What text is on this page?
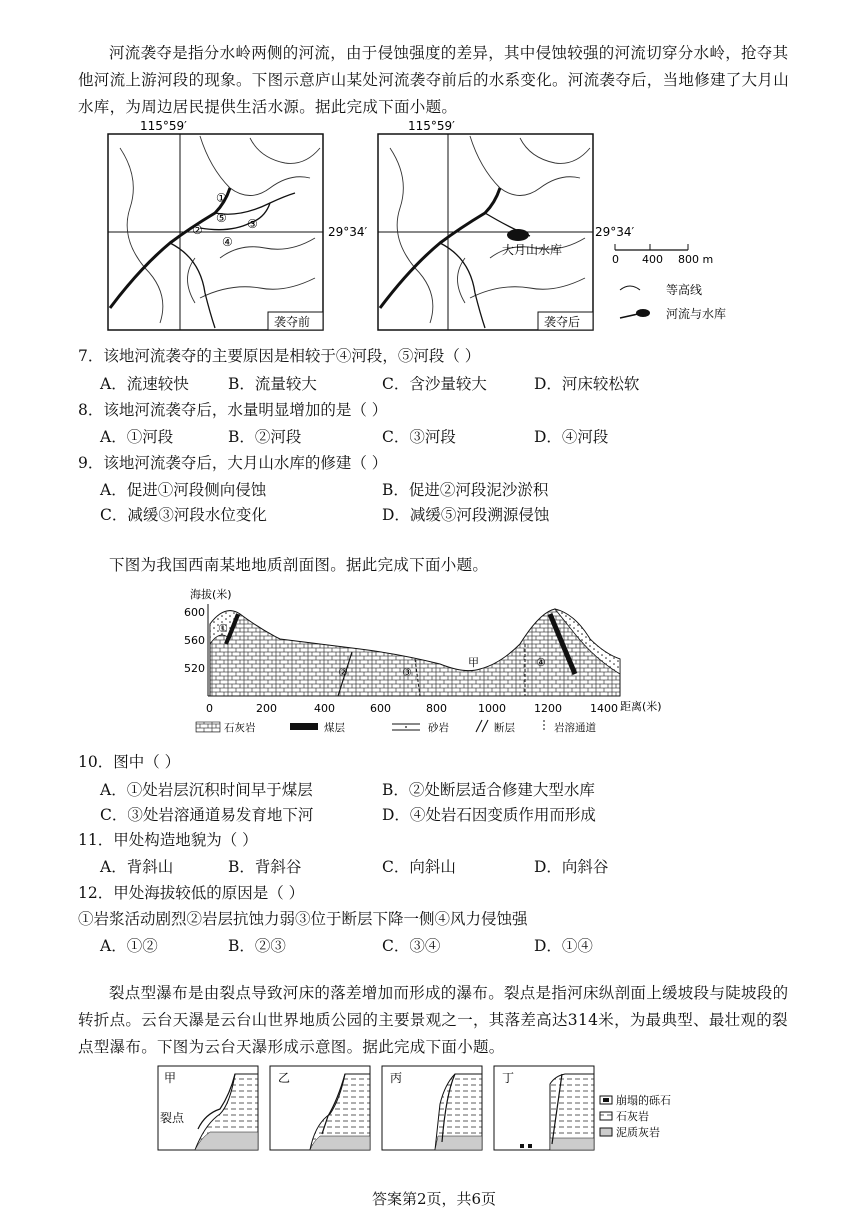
河流袭夺是指分水岭两侧的河流，由于侵蚀强度的差异，其中侵蚀较强的河流切穿分水岭，抢夺其他河流上游河段的现象。下图示意庐山某处河流袭夺前后的水系变化。河流袭夺后，当地修建了大月山水库，为周边居民提供生活水源。据此完成下面小题。
115°59′
①
⑤ ③
②
④
袭夺前
29°34′
115°59′
大月山水库
袭夺后
29°34′
0 400 800 m
等高线
河流与水库
7．该地河流袭夺的主要原因是相较于④河段，⑤河段（ ）
A．流速较快	B．流量较大	C．含沙量较大	D．河床较松软
8．该地河流袭夺后，水量明显增加的是（ ）
A．①河段	B．②河段	C．③河段	D．④河段
9．该地河流袭夺后，大月山水库的修建（ ）
A．促进①河段侧向侵蚀	B．促进②河段泥沙淤积
C．减缓③河段水位变化	D．减缓⑤河段溯源侵蚀
下图为我国西南某地地质剖面图。据此完成下面小题。
海拔(米)
600
560
520
0	200	400	600	800	1000	1200	1400 距离(米)
①
②	③
④
甲
石灰岩	煤层	砂岩	断层	岩溶通道
10．图中（ ）
A．①处岩层沉积时间早于煤层	B．②处断层适合修建大型水库
C．③处岩溶通道易发育地下河	D．④处岩石因变质作用而形成
11．甲处构造地貌为（ ）
A．背斜山	B．背斜谷	C．向斜山	D．向斜谷
12．甲处海拔较低的原因是（ ）
①岩浆活动剧烈②岩层抗蚀力弱③位于断层下降一侧④风力侵蚀强
A．①②	B．②③	C．③④	D．①④
裂点型瀑布是由裂点导致河床的落差增加而形成的瀑布。裂点是指河床纵剖面上缓坡段与陡坡段的转折点。云台天瀑是云台山世界地质公园的主要景观之一，其落差高达314米，为最典型、最壮观的裂点型瀑布。下图为云台天瀑形成示意图。据此完成下面小题。
甲
裂点
乙	丙	丁
崩塌的砾石
石灰岩
泥质灰岩
答案第2页，共6页
